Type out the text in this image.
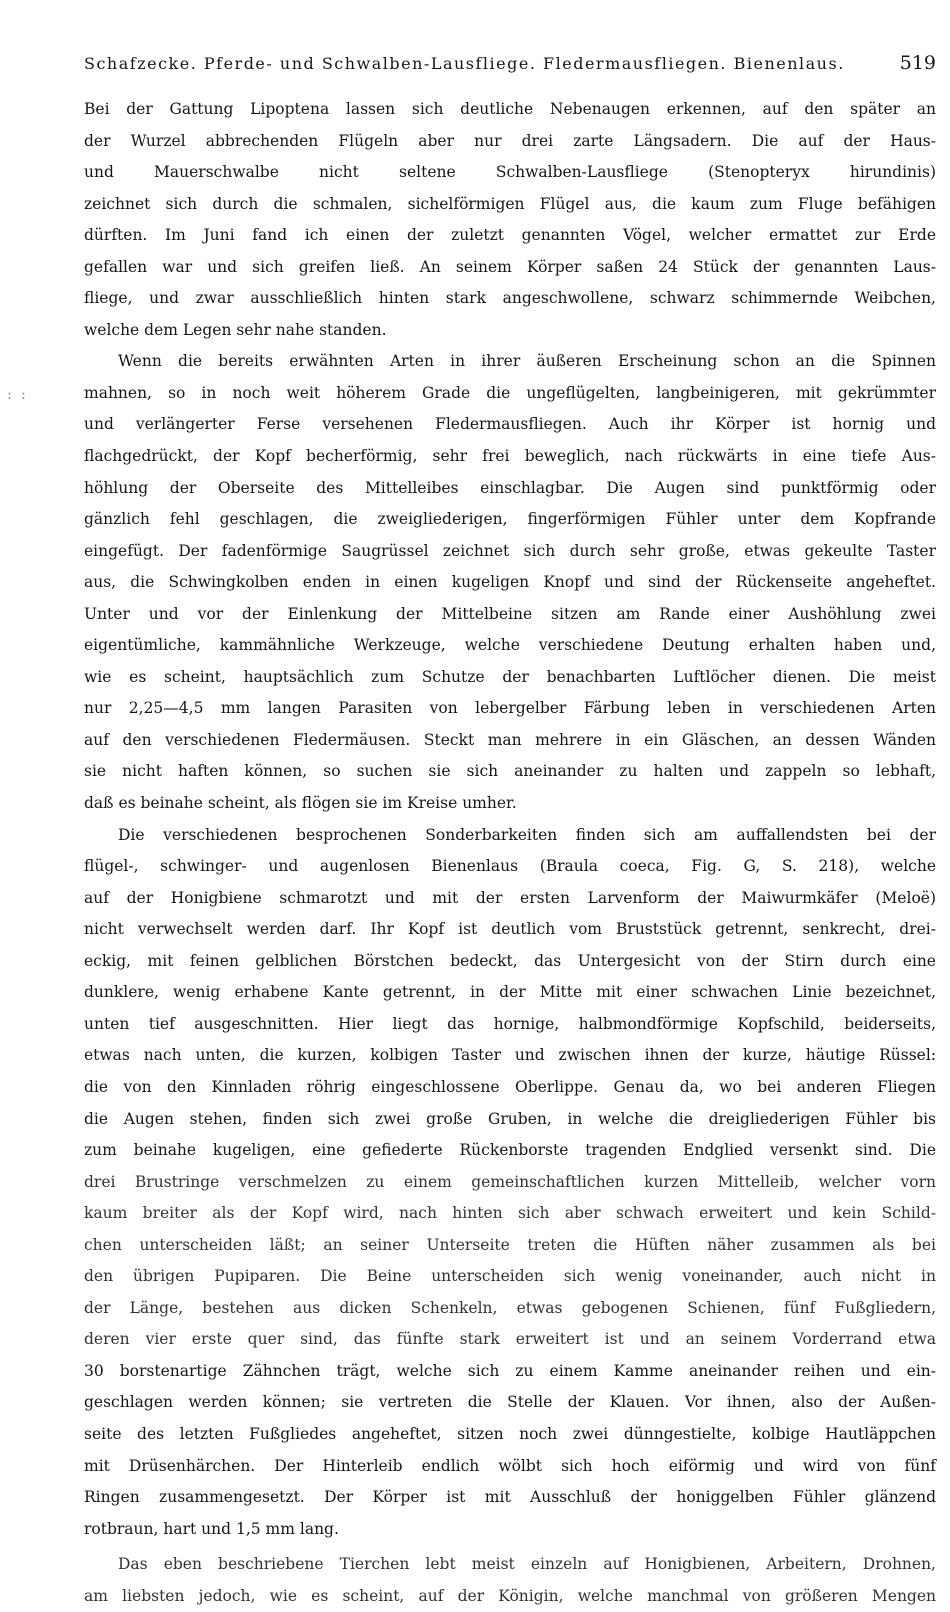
Schafzecke. Pferde- und Schwalben-Lausfliege. Fledermausfliegen. Bienenlaus.	519
: :
Bei der Gattung Lipoptena lassen sich deutliche Nebenaugen erkennen, auf den später an
der Wurzel abbrechenden Flügeln aber nur drei zarte Längsadern. Die auf der Haus-
und Mauerschwalbe nicht seltene Schwalben-Lausfliege (Stenopteryx hirundinis)
zeichnet sich durch die schmalen, sichelförmigen Flügel aus, die kaum zum Fluge befähigen
dürften. Im Juni fand ich einen der zuletzt genannten Vögel, welcher ermattet zur Erde
gefallen war und sich greifen ließ. An seinem Körper saßen 24 Stück der genannten Laus-
fliege, und zwar ausschließlich hinten stark angeschwollene, schwarz schimmernde Weibchen,
welche dem Legen sehr nahe standen.
Wenn die bereits erwähnten Arten in ihrer äußeren Erscheinung schon an die Spinnen
mahnen, so in noch weit höherem Grade die ungeflügelten, langbeinigeren, mit gekrümmter
und verlängerter Ferse versehenen Fledermausfliegen. Auch ihr Körper ist hornig und
flachgedrückt, der Kopf becherförmig, sehr frei beweglich, nach rückwärts in eine tiefe Aus-
höhlung der Oberseite des Mittelleibes einschlagbar. Die Augen sind punktförmig oder
gänzlich fehl geschlagen, die zweigliederigen, fingerförmigen Fühler unter dem Kopfrande
eingefügt. Der fadenförmige Saugrüssel zeichnet sich durch sehr große, etwas gekeulte Taster
aus, die Schwingkolben enden in einen kugeligen Knopf und sind der Rückenseite angeheftet.
Unter und vor der Einlenkung der Mittelbeine sitzen am Rande einer Aushöhlung zwei
eigentümliche, kammähnliche Werkzeuge, welche verschiedene Deutung erhalten haben und,
wie es scheint, hauptsächlich zum Schutze der benachbarten Luftlöcher dienen. Die meist
nur 2,25—4,5 mm langen Parasiten von lebergelber Färbung leben in verschiedenen Arten
auf den verschiedenen Fledermäusen. Steckt man mehrere in ein Gläschen, an dessen Wänden
sie nicht haften können, so suchen sie sich aneinander zu halten und zappeln so lebhaft,
daß es beinahe scheint, als flögen sie im Kreise umher.
Die verschiedenen besprochenen Sonderbarkeiten finden sich am auffallendsten bei der
flügel-, schwinger- und augenlosen Bienenlaus (Braula coeca, Fig. G, S. 218), welche
auf der Honigbiene schmarotzt und mit der ersten Larvenform der Maiwurmkäfer (Meloë)
nicht verwechselt werden darf. Ihr Kopf ist deutlich vom Bruststück getrennt, senkrecht, drei-
eckig, mit feinen gelblichen Börstchen bedeckt, das Untergesicht von der Stirn durch eine
dunklere, wenig erhabene Kante getrennt, in der Mitte mit einer schwachen Linie bezeichnet,
unten tief ausgeschnitten. Hier liegt das hornige, halbmondförmige Kopfschild, beiderseits,
etwas nach unten, die kurzen, kolbigen Taster und zwischen ihnen der kurze, häutige Rüssel:
die von den Kinnladen röhrig eingeschlossene Oberlippe. Genau da, wo bei anderen Fliegen
die Augen stehen, finden sich zwei große Gruben, in welche die dreigliederigen Fühler bis
zum beinahe kugeligen, eine gefiederte Rückenborste tragenden Endglied versenkt sind. Die
drei Brustringe verschmelzen zu einem gemeinschaftlichen kurzen Mittelleib, welcher vorn
kaum breiter als der Kopf wird, nach hinten sich aber schwach erweitert und kein Schild-
chen unterscheiden läßt; an seiner Unterseite treten die Hüften näher zusammen als bei
den übrigen Pupiparen. Die Beine unterscheiden sich wenig voneinander, auch nicht in
der Länge, bestehen aus dicken Schenkeln, etwas gebogenen Schienen, fünf Fußgliedern,
deren vier erste quer sind, das fünfte stark erweitert ist und an seinem Vorderrand etwa
30 borstenartige Zähnchen trägt, welche sich zu einem Kamme aneinander reihen und ein-
geschlagen werden können; sie vertreten die Stelle der Klauen. Vor ihnen, also der Außen-
seite des letzten Fußgliedes angeheftet, sitzen noch zwei dünngestielte, kolbige Hautläppchen
mit Drüsenhärchen. Der Hinterleib endlich wölbt sich hoch eiförmig und wird von fünf
Ringen zusammengesetzt. Der Körper ist mit Ausschluß der honiggelben Fühler glänzend
rotbraun, hart und 1,5 mm lang.
Das eben beschriebene Tierchen lebt meist einzeln auf Honigbienen, Arbeitern, Drohnen,
am liebsten jedoch, wie es scheint, auf der Königin, welche manchmal von größeren Mengen
